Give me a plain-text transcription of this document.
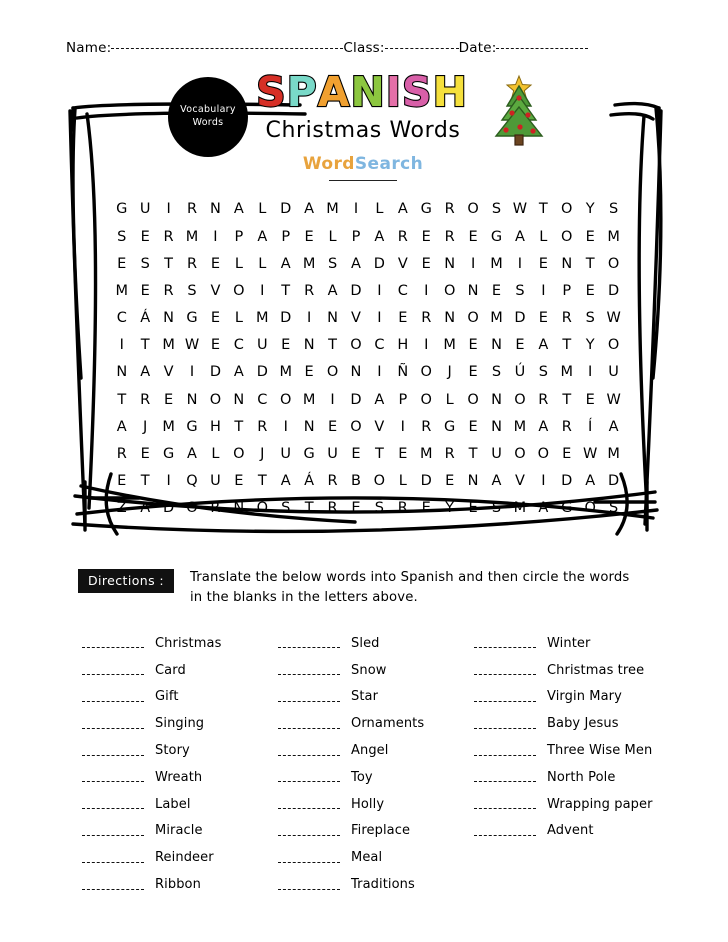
Name:	Class:	Date:
Vocabulary
Words
SPANISH
Christmas Words
WordSearch
G U	I	R N A L D A M	I	L A G R O S W T O Y S
S E R M	I	P A P E L	P A R E R E G A L O E M
E S T R E L	L A M S A D V E N	I	M	I	E N T O
M E R S V O	I	T R A D	I	C	I	O N E S	I	P E D
C Á N G E L M D	I	N V	I	E R N O M D E R S W
I	T M W E C U E N T O C H	I	M E N E A T Y O
N A V	I	D A D M E O N	I	Ñ O	J	E S Ú S M	I	U
T R E N O N C O M	I	D A P O L O N O R T E W
A	J	M G H T R	I	N E O V	I	R G E N M A R	Í	A
R E G A L O	J	U G U E T E M R T U O O E W M
E T	I	Q U E T A Á R B O L D E N A V	I	D A D
Z A D O R N O S T R E S R E Y E S M A G O S
Directions :	Translate the below words into Spanish and then circle the words in the blanks in the letters above.
Christmas
Card
Gift
Singing
Story
Wreath
Label
Miracle
Reindeer
Ribbon
Sled
Snow
Star
Ornaments
Angel
Toy
Holly
Fireplace
Meal
Traditions
Winter
Christmas tree
Virgin Mary
Baby Jesus
Three Wise Men
North Pole
Wrapping paper
Advent
